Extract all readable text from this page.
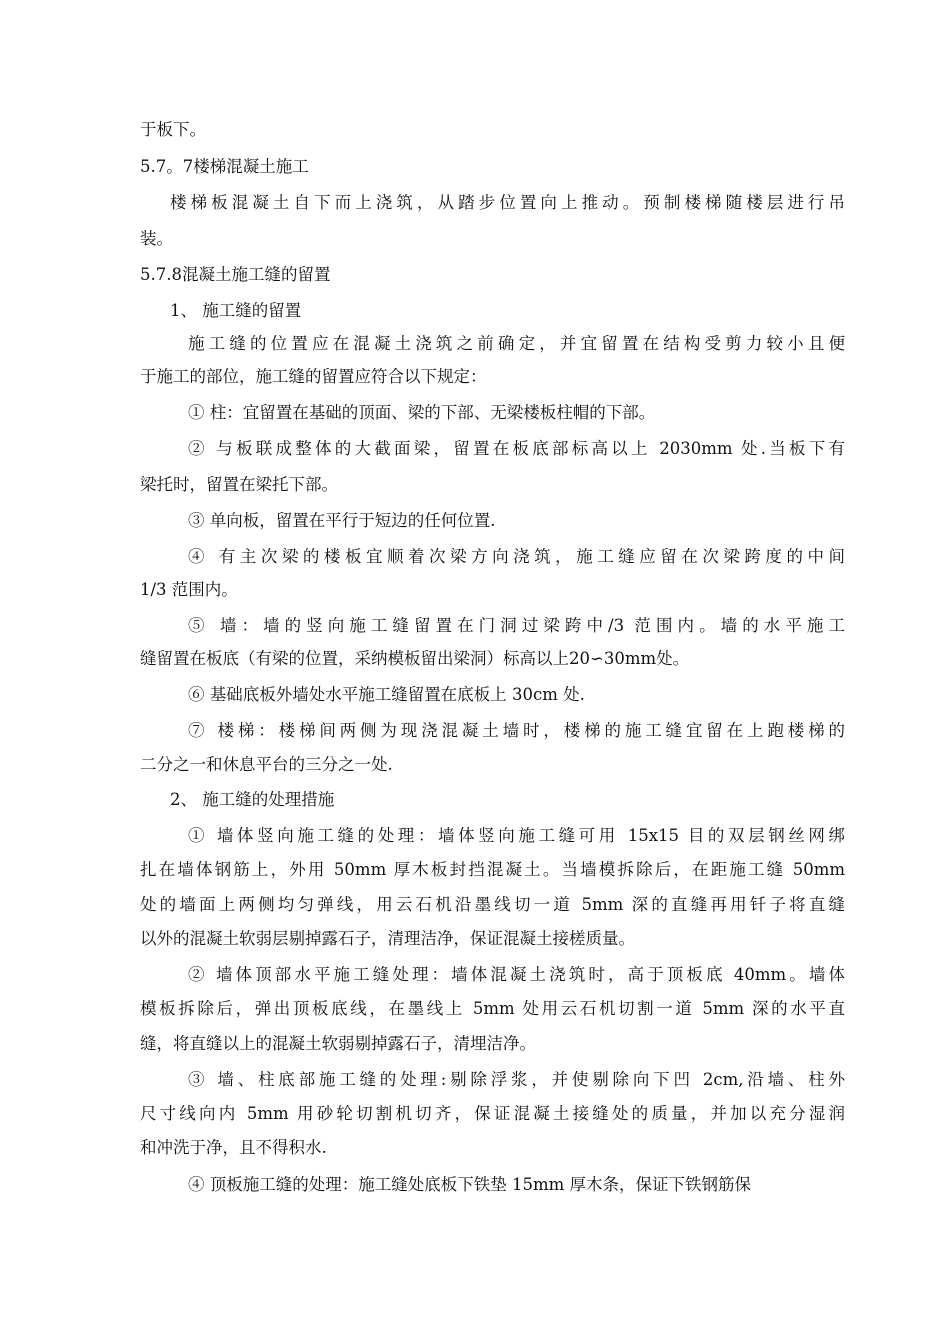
于板下。
5.7。7楼梯混凝土施工
楼梯板混凝土自下而上浇筑，从踏步位置向上推动。预制楼梯随楼层进行吊
装。
5.7.8混凝土施工缝的留置
1、 施工缝的留置
施工缝的位置应在混凝土浇筑之前确定，并宜留置在结构受剪力较小且便
于施工的部位，施工缝的留置应符合以下规定：
① 柱：宜留置在基础的顶面、梁的下部、无梁楼板柱帽的下部。
② 与板联成整体的大截面梁，留置在板底部标高以上 2030mm 处.当板下有
梁托时，留置在梁托下部。
③ 单向板，留置在平行于短边的任何位置.
④ 有主次梁的楼板宜顺着次梁方向浇筑，施工缝应留在次梁跨度的中间
1/3 范围内。
⑤ 墙：墙的竖向施工缝留置在门洞过梁跨中/3 范围内。墙的水平施工
缝留置在板底（有梁的位置，采纳模板留出梁洞）标高以上20∽30mm处。
⑥ 基础底板外墙处水平施工缝留置在底板上 30cm 处.
⑦ 楼梯：楼梯间两侧为现浇混凝土墙时，楼梯的施工缝宜留在上跑楼梯的
二分之一和休息平台的三分之一处.
2、 施工缝的处理措施
① 墙体竖向施工缝的处理：墙体竖向施工缝可用 15x15 目的双层钢丝网绑
扎在墙体钢筋上，外用 50mm 厚木板封挡混凝土。当墙模拆除后，在距施工缝 50mm
处的墙面上两侧均匀弹线，用云石机沿墨线切一道 5mm 深的直缝再用钎子将直缝
以外的混凝土软弱层剔掉露石子，清理洁净，保证混凝土接槎质量。
② 墙体顶部水平施工缝处理：墙体混凝土浇筑时，高于顶板底 40mm。墙体
模板拆除后，弹出顶板底线，在墨线上 5mm 处用云石机切割一道 5mm 深的水平直
缝，将直缝以上的混凝土软弱剔掉露石子，清埋洁净。
③ 墙、柱底部施工缝的处理:剔除浮浆，并使剔除向下凹 2cm,沿墙、柱外
尺寸线向内 5mm 用砂轮切割机切齐，保证混凝土接缝处的质量，并加以充分湿润
和冲洗于净，且不得积水.
④ 顶板施工缝的处理：施工缝处底板下铁垫 15mm 厚木条，保证下铁钢筋保
